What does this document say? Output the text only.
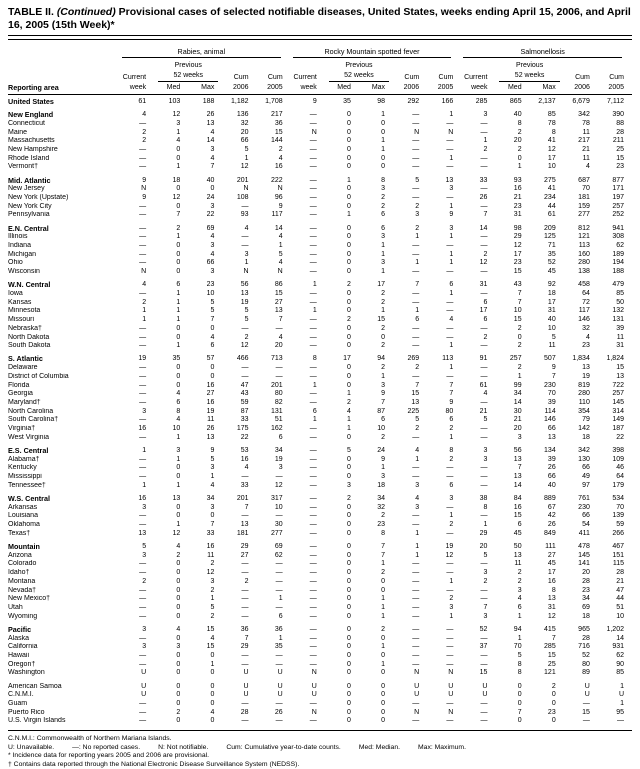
TABLE II. (Continued) Provisional cases of selected notifiable diseases, United States, weeks ending April 15, 2006, and April 16, 2005 (15th Week)*
Rabies, animal	Rocky Mountain spotted fever	Salmonellosis
Previous	Previous	Previous
Current	52 weeks	Cum	Cum	Current	52 weeks	Cum	Cum	Current	52 weeks	Cum	Cum
Reporting area	week	Med	Max	2006	2005	week	Med	Max	2006	2005	week	Med	Max	2006	2005
United States	61	103	188	1,182	1,708	9	35	98	292	166	285	865	2,137	6,679	7,112
New England	4	12	26	136	217	—	0	1	—	1	3	40	85	342	390
Connecticut	—	3	13	32	36	—	0	0	—	—	—	8	78	78	88
Maine	2	1	4	20	15	N	0	0	N	N	—	2	8	11	28
Massachusetts	2	4	14	66	144	—	0	1	—	—	1	20	41	217	211
New Hampshire	—	0	3	5	2	—	0	1	—	—	2	2	12	21	25
Rhode Island	—	0	4	1	4	—	0	0	—	1	—	0	17	11	15
Vermont†	—	1	7	12	16	—	0	0	—	—	—	1	10	4	23
Mid. Atlantic	9	18	40	201	222	—	1	8	5	13	33	93	275	687	877
New Jersey	N	0	0	N	N	—	0	3	—	3	—	16	41	70	171
New York (Upstate)	9	12	24	108	96	—	0	2	—	—	26	21	234	181	197
New York City	—	0	3	—	9	—	0	2	2	1	—	23	44	159	257
Pennsylvania	—	7	22	93	117	—	1	6	3	9	7	31	61	277	252
E.N. Central	—	2	69	4	14	—	0	6	2	3	14	98	209	812	941
Illinois	—	1	4	—	4	—	0	3	1	1	—	29	125	121	308
Indiana	—	0	3	—	1	—	0	1	—	—	—	12	71	113	62
Michigan	—	0	4	3	5	—	0	1	—	1	2	17	35	160	189
Ohio	—	0	66	1	4	—	0	3	1	1	12	23	52	280	194
Wisconsin	N	0	3	N	N	—	0	1	—	—	—	15	45	138	188
W.N. Central	4	6	23	56	86	1	2	17	7	6	31	43	92	458	479
Iowa	—	1	10	13	15	—	0	2	—	1	—	7	18	64	85
Kansas	2	1	5	19	27	—	0	2	—	—	6	7	17	72	50
Minnesota	1	1	5	5	13	1	0	1	1	—	17	10	31	117	132
Missouri	1	1	7	5	7	—	2	15	6	4	6	15	40	146	131
Nebraska†	—	0	0	—	—	—	0	2	—	—	—	2	10	32	39
North Dakota	—	0	4	2	4	—	0	0	—	—	2	0	5	4	11
South Dakota	—	1	6	12	20	—	0	2	—	1	—	2	11	23	31
S. Atlantic	19	35	57	466	713	8	17	94	269	113	91	257	507	1,834	1,824
Delaware	—	0	0	—	—	—	0	2	2	1	—	2	9	13	15
District of Columbia	—	0	0	—	—	—	0	1	—	—	—	1	7	19	13
Florida	—	0	16	47	201	1	0	3	7	7	61	99	230	819	722
Georgia	—	4	27	43	80	—	1	9	15	7	4	34	70	280	257
Maryland†	—	6	16	59	82	—	2	7	13	9	—	14	39	110	145
North Carolina	3	8	19	87	131	6	4	87	225	80	21	30	114	354	314
South Carolina†	—	4	11	33	51	1	1	6	5	6	5	21	146	79	149
Virginia†	16	10	26	175	162	—	1	10	2	2	—	20	66	142	187
West Virginia	—	1	13	22	6	—	0	2	—	1	—	3	13	18	22
E.S. Central	1	3	9	53	34	—	5	24	4	8	3	56	134	342	398
Alabama†	—	1	5	16	19	—	0	9	1	2	3	13	39	130	109
Kentucky	—	0	3	4	3	—	0	1	—	—	—	7	26	66	46
Mississippi	—	0	1	—	—	—	0	3	—	—	—	13	66	49	64
Tennessee†	1	1	4	33	12	—	3	18	3	6	—	14	40	97	179
W.S. Central	16	13	34	201	317	—	2	34	4	3	38	84	889	761	534
Arkansas	3	0	3	7	10	—	0	32	3	—	8	16	67	230	70
Louisiana	—	0	0	—	—	—	0	2	—	1	—	15	42	66	139
Oklahoma	—	1	7	13	30	—	0	23	—	2	1	6	26	54	59
Texas†	13	12	33	181	277	—	0	8	1	—	29	45	849	411	266
Mountain	5	4	16	29	69	—	0	7	1	19	20	50	111	478	467
Arizona	3	2	11	27	62	—	0	7	1	12	5	13	27	145	151
Colorado	—	0	2	—	—	—	0	1	—	—	—	11	45	141	115
Idaho†	—	0	12	—	—	—	0	2	—	—	3	2	17	20	28
Montana	2	0	3	2	—	—	0	0	—	1	2	2	16	28	21
Nevada†	—	0	2	—	—	—	0	0	—	—	—	3	8	23	47
New Mexico†	—	0	1	—	1	—	0	1	—	2	—	4	13	34	44
Utah	—	0	5	—	—	—	0	1	—	3	7	6	31	69	51
Wyoming	—	0	2	—	6	—	0	1	—	1	3	1	12	18	10
Pacific	3	4	15	36	36	—	0	2	—	—	52	94	415	965	1,202
Alaska	—	0	4	7	1	—	0	0	—	—	—	1	7	28	14
California	3	3	15	29	35	—	0	1	—	—	37	70	285	716	931
Hawaii	—	0	0	—	—	—	0	0	—	—	—	5	15	52	62
Oregon†	—	0	1	—	—	—	0	1	—	—	—	8	25	80	90
Washington	U	0	0	U	U	N	0	0	N	N	15	8	121	89	85
American Samoa	U	0	0	U	U	U	0	0	U	U	U	0	2	U	1
C.N.M.I.	U	0	0	U	U	U	0	0	U	U	U	0	0	U	U
Guam	—	0	0	—	—	—	0	0	—	—	—	0	0	—	1
Puerto Rico	—	2	4	28	26	N	0	0	N	N	—	7	23	15	95
U.S. Virgin Islands	—	0	0	—	—	—	0	0	—	—	—	0	0	—	—
C.N.M.I.: Commonwealth of Northern Mariana Islands.
U: Unavailable.	—: No reported cases.	N: Not notifiable.	Cum: Cumulative year-to-date counts.	Med: Median.	Max: Maximum.
* Incidence data for reporting years 2005 and 2006 are provisional.
† Contains data reported through the National Electronic Disease Surveillance System (NEDSS).
